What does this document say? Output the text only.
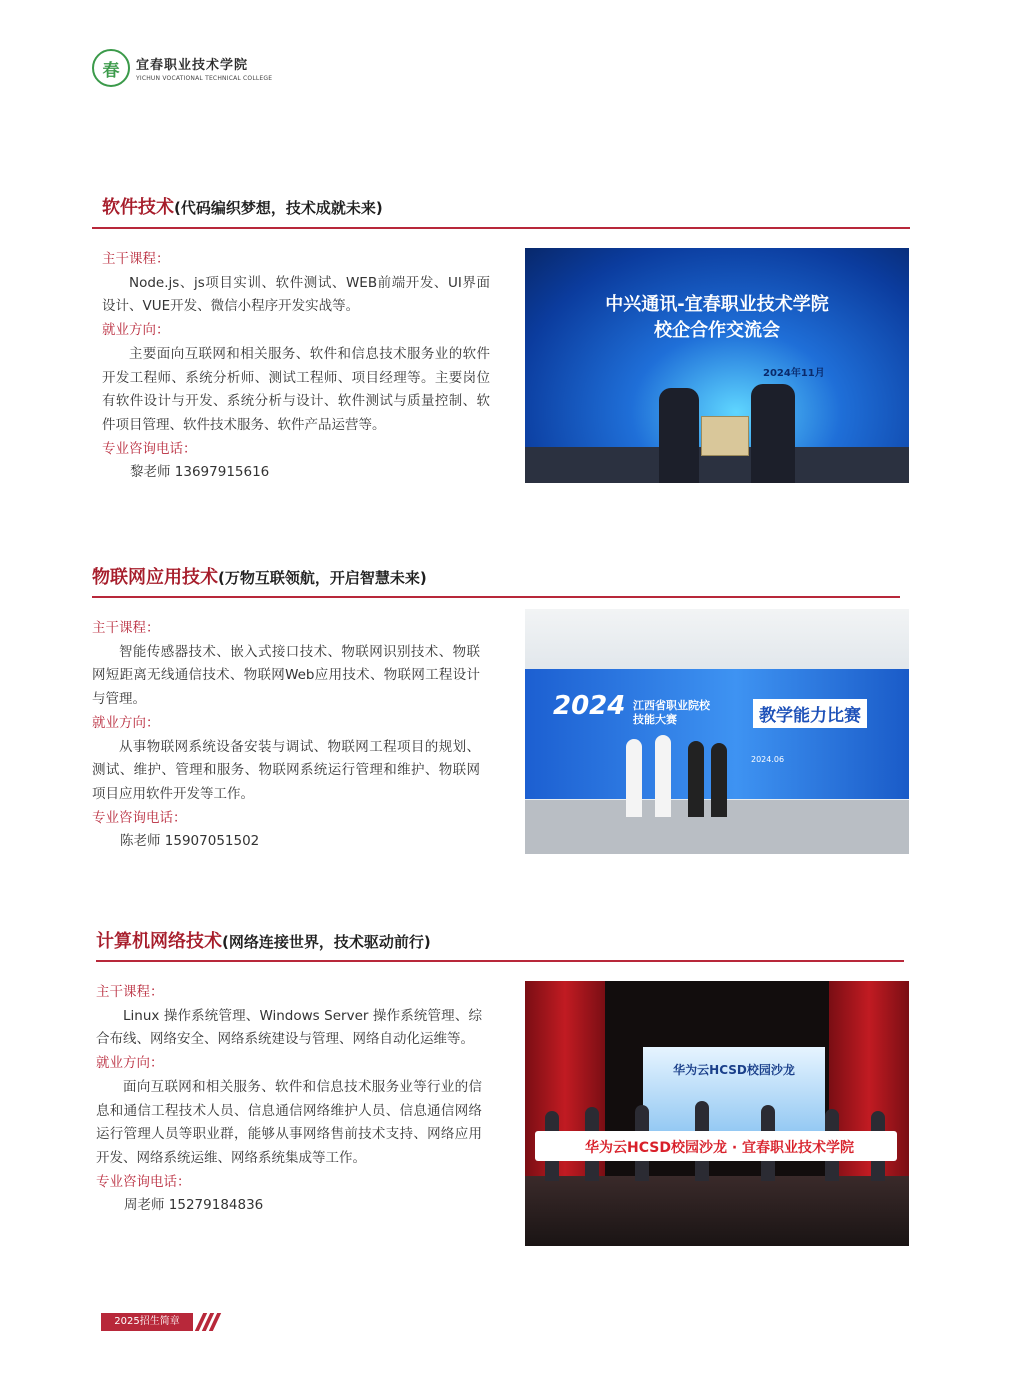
春	宜春职业技术学院
YICHUN VOCATIONAL TECHNICAL COLLEGE
软件技术(代码编织梦想，技术成就未来)
主干课程：
Node.js、js项目实训、软件测试、WEB前端开发、UI界面设计、VUE开发、微信小程序开发实战等。
就业方向：
主要面向互联网和相关服务、软件和信息技术服务业的软件开发工程师、系统分析师、测试工程师、项目经理等。主要岗位有软件设计与开发、系统分析与设计、软件测试与质量控制、软件项目管理、软件技术服务、软件产品运营等。
专业咨询电话：
黎老师 13697915616
中兴通讯-宜春职业技术学院
校企合作交流会
2024年11月
物联网应用技术(万物互联领航，开启智慧未来)
主干课程：
智能传感器技术、嵌入式接口技术、物联网识别技术、物联网短距离无线通信技术、物联网Web应用技术、物联网工程设计与管理。
就业方向：
从事物联网系统设备安装与调试、物联网工程项目的规划、测试、维护、管理和服务、物联网系统运行管理和维护、物联网项目应用软件开发等工作。
专业咨询电话：
陈老师 15907051502
2024 江西省职业院校
技能大赛	教学能力比赛
2024.06
计算机网络技术(网络连接世界，技术驱动前行)
主干课程：
Linux 操作系统管理、Windows Server 操作系统管理、综合布线、网络安全、网络系统建设与管理、网络自动化运维等。
就业方向：
面向互联网和相关服务、软件和信息技术服务业等行业的信息和通信工程技术人员、信息通信网络维护人员、信息通信网络运行管理人员等职业群，能够从事网络售前技术支持、网络应用开发、网络系统运维、网络系统集成等工作。
专业咨询电话：
周老师 15279184836
华为云HCSD校园沙龙
华为云HCSD校园沙龙 · 宜春职业技术学院
2025招生简章
